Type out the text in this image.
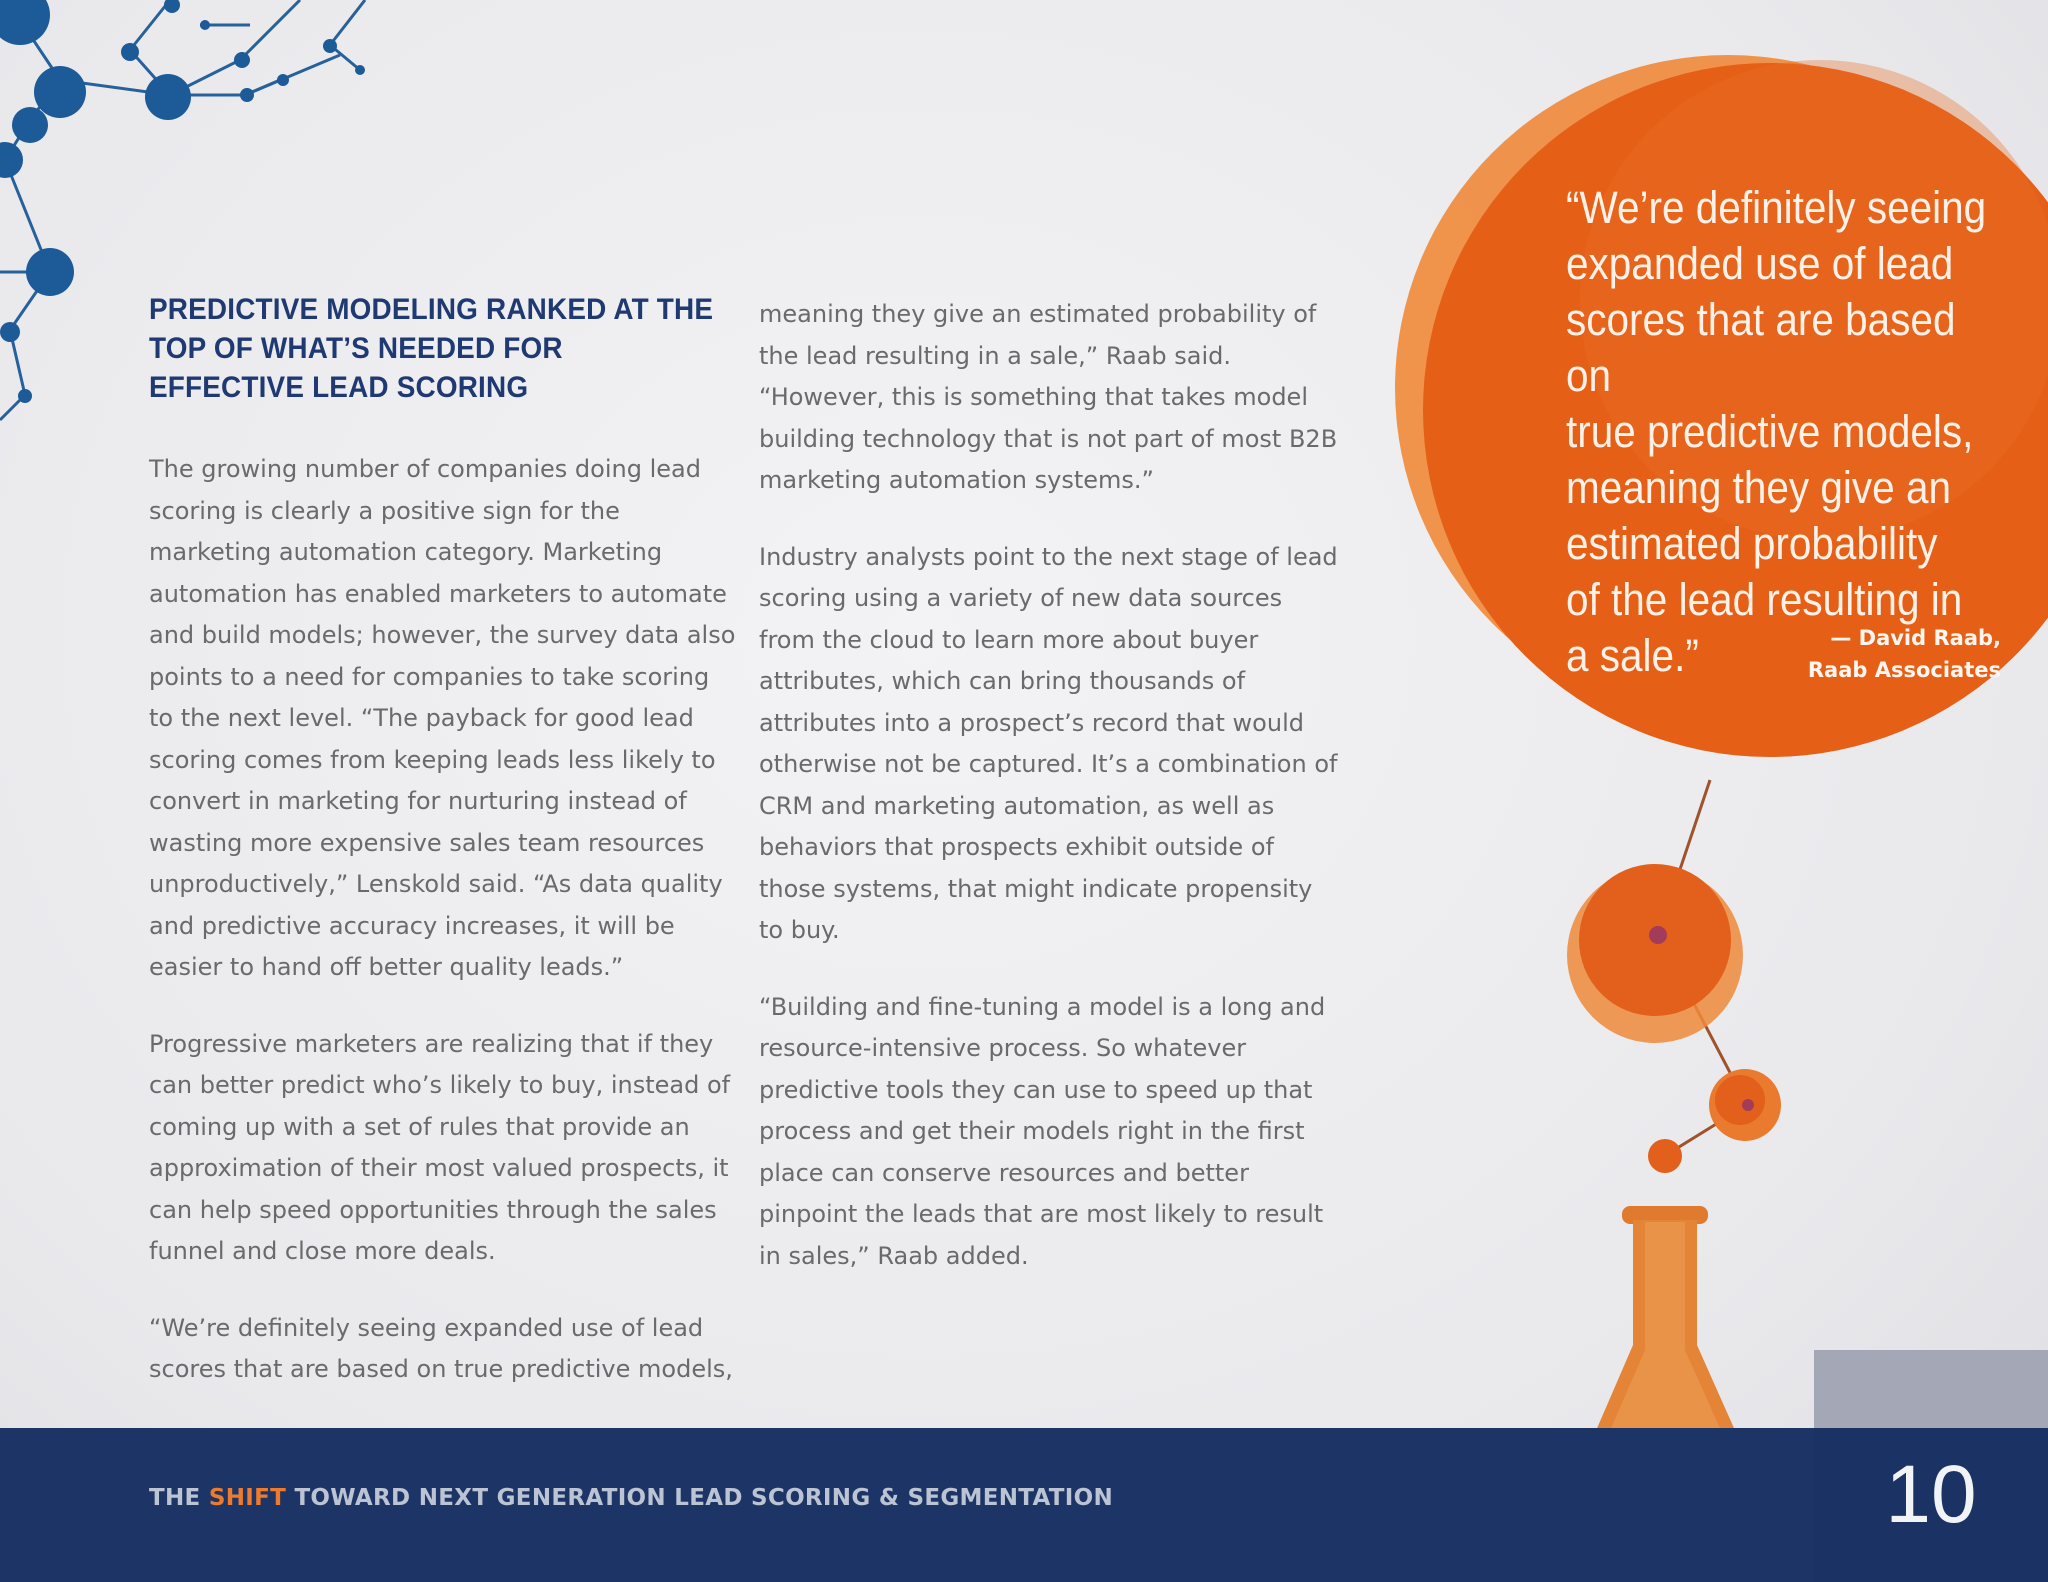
PREDICTIVE MODELING RANKED AT THE TOP OF WHAT’S NEEDED FOR EFFECTIVE LEAD SCORING

The growing number of companies doing lead scoring is clearly a positive sign for the marketing automation category. Marketing automation has enabled marketers to automate and build models; however, the survey data also points to a need for companies to take scoring to the next level. “The payback for good lead scoring comes from keeping leads less likely to convert in marketing for nurturing instead of wasting more expensive sales team resources unproductively,” Lenskold said. “As data quality and predictive accuracy increases, it will be easier to hand off better quality leads.”

Progressive marketers are realizing that if they can better predict who’s likely to buy, instead of coming up with a set of rules that provide an approximation of their most valued prospects, it can help speed opportunities through the sales funnel and close more deals.

“We’re definitely seeing expanded use of lead scores that are based on true predictive models,

meaning they give an estimated probability of the lead resulting in a sale,” Raab said. “However, this is something that takes model building technology that is not part of most B2B marketing automation systems.”

Industry analysts point to the next stage of lead scoring using a variety of new data sources from the cloud to learn more about buyer attributes, which can bring thousands of attributes into a prospect’s record that would otherwise not be captured. It’s a combination of CRM and marketing automation, as well as behaviors that prospects exhibit outside of those systems, that might indicate propensity to buy.

“Building and fine-tuning a model is a long and resource-intensive process. So whatever predictive tools they can use to speed up that process and get their models right in the first place can conserve resources and better pinpoint the leads that are most likely to result in sales,” Raab added.

“We’re definitely seeing
expanded use of lead
scores that are based on
true predictive models,
meaning they give an
estimated probability
of the lead resulting in
a sale.”	— David Raab,
Raab Associates
THE SHIFT TOWARD NEXT GENERATION LEAD SCORING & SEGMENTATION	10
